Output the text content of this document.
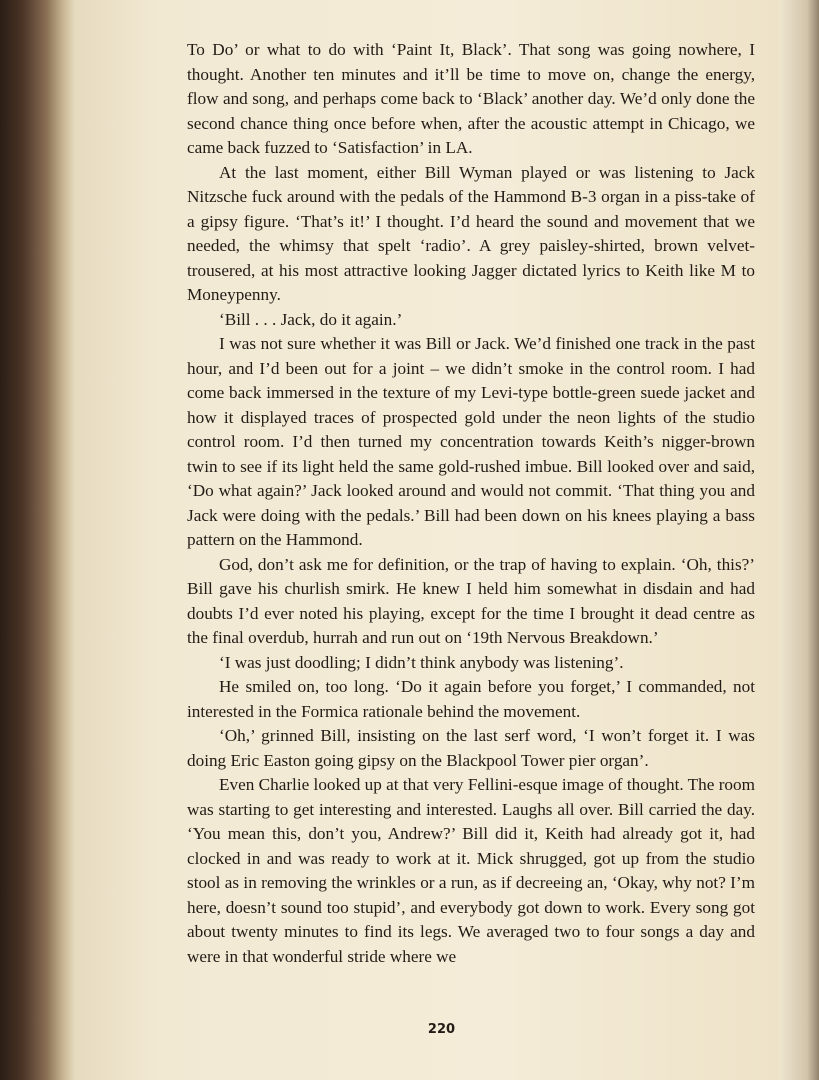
To Do’ or what to do with ‘Paint It, Black’. That song was going nowhere, I thought. Another ten minutes and it’ll be time to move on, change the energy, flow and song, and perhaps come back to ‘Black’ another day. We’d only done the second chance thing once before when, after the acoustic attempt in Chicago, we came back fuzzed to ‘Satisfaction’ in LA.

At the last moment, either Bill Wyman played or was listening to Jack Nitzsche fuck around with the pedals of the Hammond B-3 organ in a piss-take of a gipsy figure. ‘That’s it!’ I thought. I’d heard the sound and movement that we needed, the whimsy that spelt ‘radio’. A grey paisley-shirted, brown velvet-trousered, at his most attractive looking Jagger dictated lyrics to Keith like M to Moneypenny.

‘Bill . . . Jack, do it again.’

I was not sure whether it was Bill or Jack. We’d finished one track in the past hour, and I’d been out for a joint – we didn’t smoke in the control room. I had come back immersed in the texture of my Levi-type bottle-green suede jacket and how it displayed traces of prospected gold under the neon lights of the studio control room. I’d then turned my concentration towards Keith’s nigger-brown twin to see if its light held the same gold-rushed imbue. Bill looked over and said, ‘Do what again?’ Jack looked around and would not commit. ‘That thing you and Jack were doing with the pedals.’ Bill had been down on his knees playing a bass pattern on the Hammond.

God, don’t ask me for definition, or the trap of having to explain. ‘Oh, this?’ Bill gave his churlish smirk. He knew I held him somewhat in disdain and had doubts I’d ever noted his playing, except for the time I brought it dead centre as the final overdub, hurrah and run out on ‘19th Nervous Breakdown.’

‘I was just doodling; I didn’t think anybody was listening’.

He smiled on, too long. ‘Do it again before you forget,’ I commanded, not interested in the Formica rationale behind the movement.

‘Oh,’ grinned Bill, insisting on the last serf word, ‘I won’t forget it. I was doing Eric Easton going gipsy on the Blackpool Tower pier organ’.

Even Charlie looked up at that very Fellini-esque image of thought. The room was starting to get interesting and interested. Laughs all over. Bill carried the day. ‘You mean this, don’t you, Andrew?’ Bill did it, Keith had already got it, had clocked in and was ready to work at it. Mick shrugged, got up from the studio stool as in removing the wrinkles or a run, as if decreeing an, ‘Okay, why not? I’m here, doesn’t sound too stupid’, and everybody got down to work. Every song got about twenty minutes to find its legs. We averaged two to four songs a day and were in that wonderful stride where we

220
